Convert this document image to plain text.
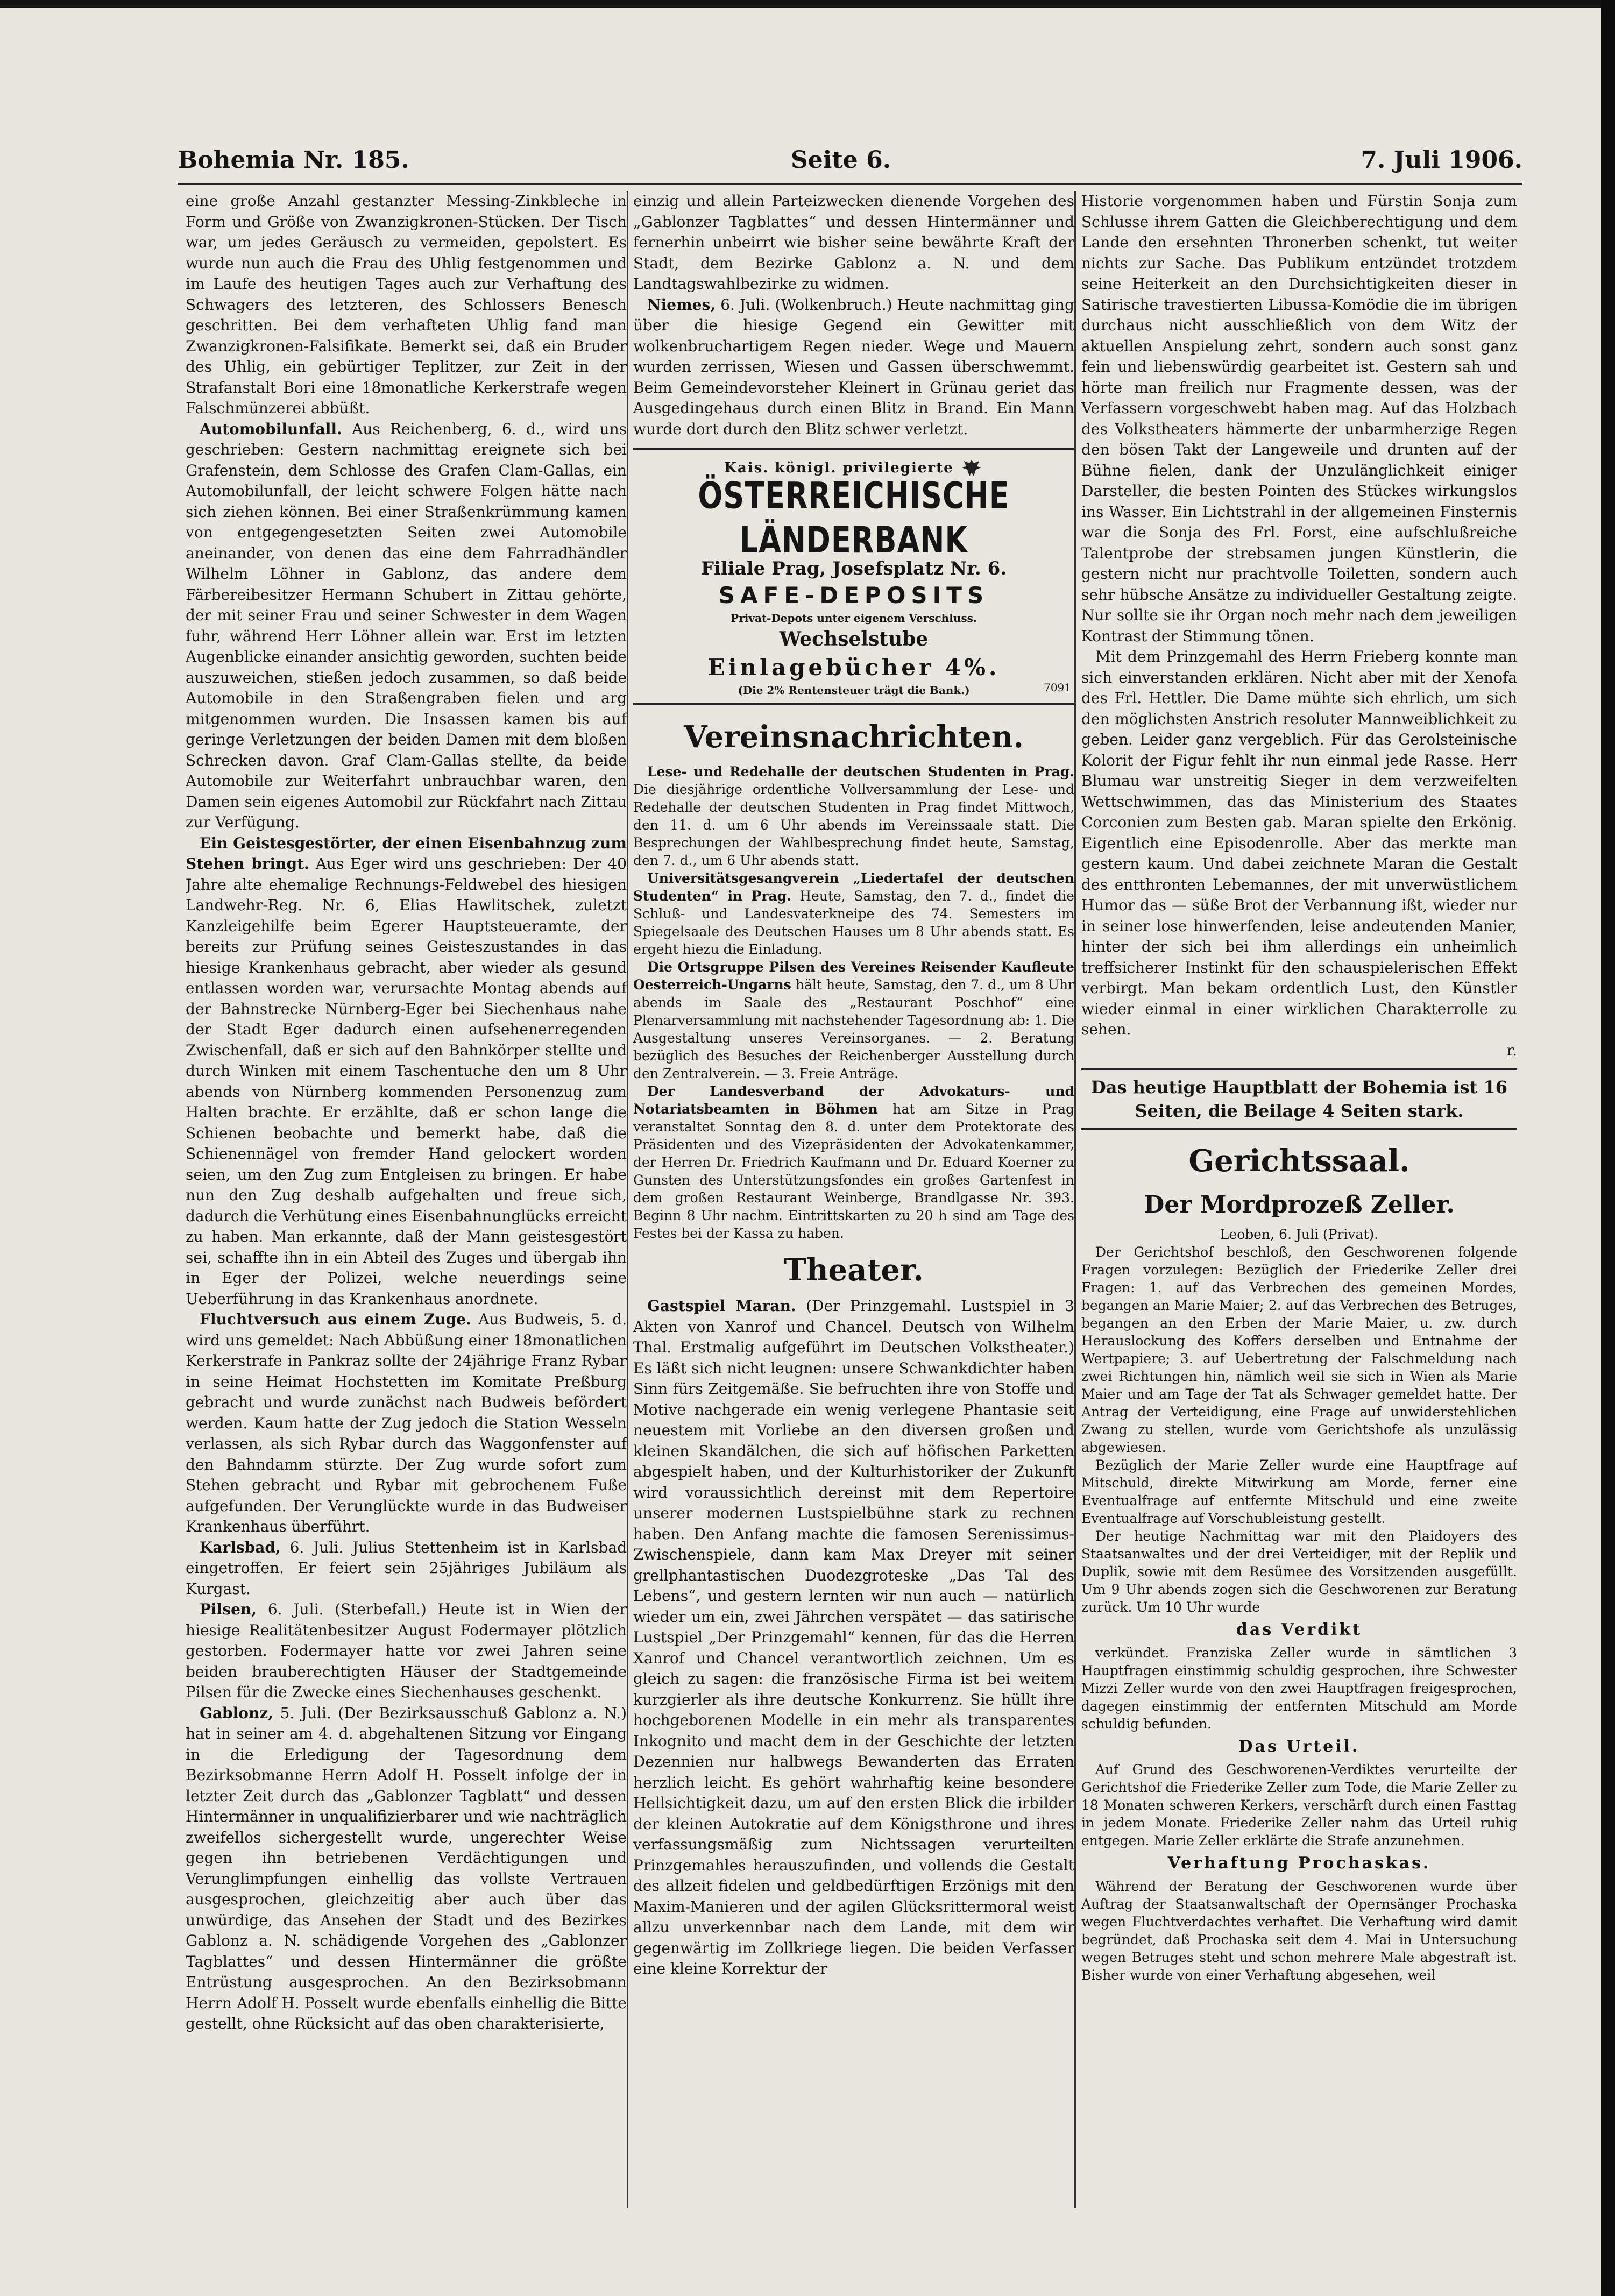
Bohemia Nr. 185.	Seite 6.	7. Juli 1906.

eine große Anzahl gestanzter Messing-Zinkbleche in Form und Größe von Zwanzigkronen-Stücken. Der Tisch war, um jedes Geräusch zu vermeiden, gepolstert. Es wurde nun auch die Frau des Uhlig festgenommen und im Laufe des heutigen Tages auch zur Verhaftung des Schwagers des letzteren, des Schlossers Benesch geschritten. Bei dem verhafteten Uhlig fand man Zwanzigkronen-Falsifikate. Bemerkt sei, daß ein Bruder des Uhlig, ein gebürtiger Teplitzer, zur Zeit in der Strafanstalt Bori eine 18monatliche Kerkerstrafe wegen Falschmünzerei abbüßt.

Automobilunfall. Aus Reichenberg, 6. d., wird uns geschrieben: Gestern nachmittag ereignete sich bei Grafenstein, dem Schlosse des Grafen Clam-Gallas, ein Automobilunfall, der leicht schwere Folgen hätte nach sich ziehen können. Bei einer Straßenkrümmung kamen von entgegengesetzten Seiten zwei Automobile aneinander, von denen das eine dem Fahrradhändler Wilhelm Löhner in Gablonz, das andere dem Färbereibesitzer Hermann Schubert in Zittau gehörte, der mit seiner Frau und seiner Schwester in dem Wagen fuhr, während Herr Löhner allein war. Erst im letzten Augenblicke einander ansichtig geworden, suchten beide auszuweichen, stießen jedoch zusammen, so daß beide Automobile in den Straßengraben fielen und arg mitgenommen wurden. Die Insassen kamen bis auf geringe Verletzungen der beiden Damen mit dem bloßen Schrecken davon. Graf Clam-Gallas stellte, da beide Automobile zur Weiterfahrt unbrauchbar waren, den Damen sein eigenes Automobil zur Rückfahrt nach Zittau zur Verfügung.

Ein Geistesgestörter, der einen Eisenbahnzug zum Stehen bringt. Aus Eger wird uns geschrieben: Der 40 Jahre alte ehemalige Rechnungs-Feldwebel des hiesigen Landwehr-Reg. Nr. 6, Elias Hawlitschek, zuletzt Kanzleigehilfe beim Egerer Hauptsteueramte, der bereits zur Prüfung seines Geisteszustandes in das hiesige Krankenhaus gebracht, aber wieder als gesund entlassen worden war, verursachte Montag abends auf der Bahnstrecke Nürnberg-Eger bei Siechenhaus nahe der Stadt Eger dadurch einen aufsehenerregenden Zwischenfall, daß er sich auf den Bahnkörper stellte und durch Winken mit einem Taschentuche den um 8 Uhr abends von Nürnberg kommenden Personenzug zum Halten brachte. Er erzählte, daß er schon lange die Schienen beobachte und bemerkt habe, daß die Schienennägel von fremder Hand gelockert worden seien, um den Zug zum Entgleisen zu bringen. Er habe nun den Zug deshalb aufgehalten und freue sich, dadurch die Verhütung eines Eisenbahnunglücks erreicht zu haben. Man erkannte, daß der Mann geistesgestört sei, schaffte ihn in ein Abteil des Zuges und übergab ihn in Eger der Polizei, welche neuerdings seine Ueberführung in das Krankenhaus anordnete.

Fluchtversuch aus einem Zuge. Aus Budweis, 5. d. wird uns gemeldet: Nach Abbüßung einer 18monatlichen Kerkerstrafe in Pankraz sollte der 24jährige Franz Rybar in seine Heimat Hochstetten im Komitate Preßburg gebracht und wurde zunächst nach Budweis befördert werden. Kaum hatte der Zug jedoch die Station Wesseln verlassen, als sich Rybar durch das Waggonfenster auf den Bahndamm stürzte. Der Zug wurde sofort zum Stehen gebracht und Rybar mit gebrochenem Fuße aufgefunden. Der Verunglückte wurde in das Budweiser Krankenhaus überführt.

Karlsbad, 6. Juli. Julius Stettenheim ist in Karlsbad eingetroffen. Er feiert sein 25jähriges Jubiläum als Kurgast.

Pilsen, 6. Juli. (Sterbefall.) Heute ist in Wien der hiesige Realitätenbesitzer August Fodermayer plötzlich gestorben. Fodermayer hatte vor zwei Jahren seine beiden brauberechtigten Häuser der Stadtgemeinde Pilsen für die Zwecke eines Siechenhauses geschenkt.

Gablonz, 5. Juli. (Der Bezirksausschuß Gablonz a. N.) hat in seiner am 4. d. abgehaltenen Sitzung vor Eingang in die Erledigung der Tagesordnung dem Bezirksobmanne Herrn Adolf H. Posselt infolge der in letzter Zeit durch das „Gablonzer Tagblatt“ und dessen Hintermänner in unqualifizierbarer und wie nachträglich zweifellos sichergestellt wurde, ungerechter Weise gegen ihn betriebenen Verdächtigungen und Verunglimpfungen einhellig das vollste Vertrauen ausgesprochen, gleichzeitig aber auch über das unwürdige, das Ansehen der Stadt und des Bezirkes Gablonz a. N. schädigende Vorgehen des „Gablonzer Tagblattes“ und dessen Hintermänner die größte Entrüstung ausgesprochen. An den Bezirksobmann Herrn Adolf H. Posselt wurde ebenfalls einhellig die Bitte gestellt, ohne Rücksicht auf das oben charakterisierte,

einzig und allein Parteizwecken dienende Vorgehen des „Gablonzer Tagblattes“ und dessen Hintermänner und fernerhin unbeirrt wie bisher seine bewährte Kraft der Stadt, dem Bezirke Gablonz a. N. und dem Landtagswahlbezirke zu widmen.

Niemes, 6. Juli. (Wolkenbruch.) Heute nachmittag ging über die hiesige Gegend ein Gewitter mit wolkenbruchartigem Regen nieder. Wege und Mauern wurden zerrissen, Wiesen und Gassen überschwemmt. Beim Gemeindevorsteher Kleinert in Grünau geriet das Ausgedingehaus durch einen Blitz in Brand. Ein Mann wurde dort durch den Blitz schwer verletzt.

Kais. königl. privilegierte
ÖSTERREICHISCHE LÄNDERBANK
Filiale Prag, Josefsplatz Nr. 6.
SAFE-DEPOSITS
Privat-Depots unter eigenem Verschluss.
Wechselstube
Einlagebücher 4%.
(Die 2% Rentensteuer trägt die Bank.)	7091
Vereinsnachrichten.

Lese- und Redehalle der deutschen Studenten in Prag. Die diesjährige ordentliche Vollversammlung der Lese- und Redehalle der deutschen Studenten in Prag findet Mittwoch, den 11. d. um 6 Uhr abends im Vereinssaale statt. Die Besprechungen der Wahlbesprechung findet heute, Samstag, den 7. d., um 6 Uhr abends statt.

Universitätsgesangverein „Liedertafel der deutschen Studenten“ in Prag. Heute, Samstag, den 7. d., findet die Schluß- und Landesvaterkneipe des 74. Semesters im Spiegelsaale des Deutschen Hauses um 8 Uhr abends statt. Es ergeht hiezu die Einladung.

Die Ortsgruppe Pilsen des Vereines Reisender Kaufleute Oesterreich-Ungarns hält heute, Samstag, den 7. d., um 8 Uhr abends im Saale des „Restaurant Poschhof“ eine Plenarversammlung mit nachstehender Tagesordnung ab: 1. Die Ausgestaltung unseres Vereinsorganes. — 2. Beratung bezüglich des Besuches der Reichenberger Ausstellung durch den Zentralverein. — 3. Freie Anträge.

Der Landesverband der Advokaturs- und Notariatsbeamten in Böhmen hat am Sitze in Prag veranstaltet Sonntag den 8. d. unter dem Protektorate des Präsidenten und des Vizepräsidenten der Advokatenkammer, der Herren Dr. Friedrich Kaufmann und Dr. Eduard Koerner zu Gunsten des Unterstützungsfondes ein großes Gartenfest in dem großen Restaurant Weinberge, Brandlgasse Nr. 393. Beginn 8 Uhr nachm. Eintrittskarten zu 20 h sind am Tage des Festes bei der Kassa zu haben.

Theater.

Gastspiel Maran. (Der Prinzgemahl. Lustspiel in 3 Akten von Xanrof und Chancel. Deutsch von Wilhelm Thal. Erstmalig aufgeführt im Deutschen Volkstheater.) Es läßt sich nicht leugnen: unsere Schwankdichter haben Sinn fürs Zeitgemäße. Sie befruchten ihre von Stoffe und Motive nachgerade ein wenig verlegene Phantasie seit neuestem mit Vorliebe an den diversen großen und kleinen Skandälchen, die sich auf höfischen Parketten abgespielt haben, und der Kulturhistoriker der Zukunft wird voraussichtlich dereinst mit dem Repertoire unserer modernen Lustspielbühne stark zu rechnen haben. Den Anfang machte die famosen Serenissimus-Zwischenspiele, dann kam Max Dreyer mit seiner grellphantastischen Duodezgroteske „Das Tal des Lebens“, und gestern lernten wir nun auch — natürlich wieder um ein, zwei Jährchen verspätet — das satirische Lustspiel „Der Prinzgemahl“ kennen, für das die Herren Xanrof und Chancel verantwortlich zeichnen. Um es gleich zu sagen: die französische Firma ist bei weitem kurzgierler als ihre deutsche Konkurrenz. Sie hüllt ihre hochgeborenen Modelle in ein mehr als transparentes Inkognito und macht dem in der Geschichte der letzten Dezennien nur halbwegs Bewanderten das Erraten herzlich leicht. Es gehört wahrhaftig keine besondere Hellsichtigkeit dazu, um auf den ersten Blick die irbilder der kleinen Autokratie auf dem Königsthrone und ihres verfassungsmäßig zum Nichtssagen verurteilten Prinzgemahles herauszufinden, und vollends die Gestalt des allzeit fidelen und geldbedürftigen Erzönigs mit den Maxim-Manieren und der agilen Glücksrittermoral weist allzu unverkennbar nach dem Lande, mit dem wir gegenwärtig im Zollkriege liegen. Die beiden Verfasser eine kleine Korrektur der

Historie vorgenommen haben und Fürstin Sonja zum Schlusse ihrem Gatten die Gleichberechtigung und dem Lande den ersehnten Thronerben schenkt, tut weiter nichts zur Sache. Das Publikum entzündet trotzdem seine Heiterkeit an den Durchsichtigkeiten dieser in Satirische travestierten Libussa-Komödie die im übrigen durchaus nicht ausschließlich von dem Witz der aktuellen Anspielung zehrt, sondern auch sonst ganz fein und liebenswürdig gearbeitet ist. Gestern sah und hörte man freilich nur Fragmente dessen, was der Verfassern vorgeschwebt haben mag. Auf das Holzbach des Volkstheaters hämmerte der unbarmherzige Regen den bösen Takt der Langeweile und drunten auf der Bühne fielen, dank der Unzulänglichkeit einiger Darsteller, die besten Pointen des Stückes wirkungslos ins Wasser. Ein Lichtstrahl in der allgemeinen Finsternis war die Sonja des Frl. Forst, eine aufschlußreiche Talentprobe der strebsamen jungen Künstlerin, die gestern nicht nur prachtvolle Toiletten, sondern auch sehr hübsche Ansätze zu individueller Gestaltung zeigte. Nur sollte sie ihr Organ noch mehr nach dem jeweiligen Kontrast der Stimmung tönen.

Mit dem Prinzgemahl des Herrn Frieberg konnte man sich einverstanden erklären. Nicht aber mit der Xenofa des Frl. Hettler. Die Dame mühte sich ehrlich, um sich den möglichsten Anstrich resoluter Mannweiblichkeit zu geben. Leider ganz vergeblich. Für das Gerolsteinische Kolorit der Figur fehlt ihr nun einmal jede Rasse. Herr Blumau war unstreitig Sieger in dem verzweifelten Wettschwimmen, das das Ministerium des Staates Corconien zum Besten gab. Maran spielte den Erkönig. Eigentlich eine Episodenrolle. Aber das merkte man gestern kaum. Und dabei zeichnete Maran die Gestalt des entthronten Lebemannes, der mit unverwüstlichem Humor das — süße Brot der Verbannung ißt, wieder nur in seiner lose hinwerfenden, leise andeutenden Manier, hinter der sich bei ihm allerdings ein unheimlich treffsicherer Instinkt für den schauspielerischen Effekt verbirgt. Man bekam ordentlich Lust, den Künstler wieder einmal in einer wirklichen Charakterrolle zu sehen.

r.
Das heutige Hauptblatt der Bohemia ist 16 Seiten, die Beilage 4 Seiten stark.
Gerichtssaal.
Der Mordprozeß Zeller.

Leoben, 6. Juli (Privat).

Der Gerichtshof beschloß, den Geschworenen folgende Fragen vorzulegen: Bezüglich der Friederike Zeller drei Fragen: 1. auf das Verbrechen des gemeinen Mordes, begangen an Marie Maier; 2. auf das Verbrechen des Betruges, begangen an den Erben der Marie Maier, u. zw. durch Herauslockung des Koffers derselben und Entnahme der Wertpapiere; 3. auf Uebertretung der Falschmeldung nach zwei Richtungen hin, nämlich weil sie sich in Wien als Marie Maier und am Tage der Tat als Schwager gemeldet hatte. Der Antrag der Verteidigung, eine Frage auf unwiderstehlichen Zwang zu stellen, wurde vom Gerichtshofe als unzulässig abgewiesen.

Bezüglich der Marie Zeller wurde eine Hauptfrage auf Mitschuld, direkte Mitwirkung am Morde, ferner eine Eventualfrage auf entfernte Mitschuld und eine zweite Eventualfrage auf Vorschubleistung gestellt.

Der heutige Nachmittag war mit den Plaidoyers des Staatsanwaltes und der drei Verteidiger, mit der Replik und Duplik, sowie mit dem Resümee des Vorsitzenden ausgefüllt. Um 9 Uhr abends zogen sich die Geschworenen zur Beratung zurück. Um 10 Uhr wurde

das Verdikt

verkündet. Franziska Zeller wurde in sämtlichen 3 Hauptfragen einstimmig schuldig gesprochen, ihre Schwester Mizzi Zeller wurde von den zwei Hauptfragen freigesprochen, dagegen einstimmig der entfernten Mitschuld am Morde schuldig befunden.

Das Urteil.

Auf Grund des Geschworenen-Verdiktes verurteilte der Gerichtshof die Friederike Zeller zum Tode, die Marie Zeller zu 18 Monaten schweren Kerkers, verschärft durch einen Fasttag in jedem Monate. Friederike Zeller nahm das Urteil ruhig entgegen. Marie Zeller erklärte die Strafe anzunehmen.

Verhaftung Prochaskas.

Während der Beratung der Geschworenen wurde über Auftrag der Staatsanwaltschaft der Opernsänger Prochaska wegen Fluchtverdachtes verhaftet. Die Verhaftung wird damit begründet, daß Prochaska seit dem 4. Mai in Untersuchung wegen Betruges steht und schon mehrere Male abgestraft ist. Bisher wurde von einer Verhaftung abgesehen, weil
